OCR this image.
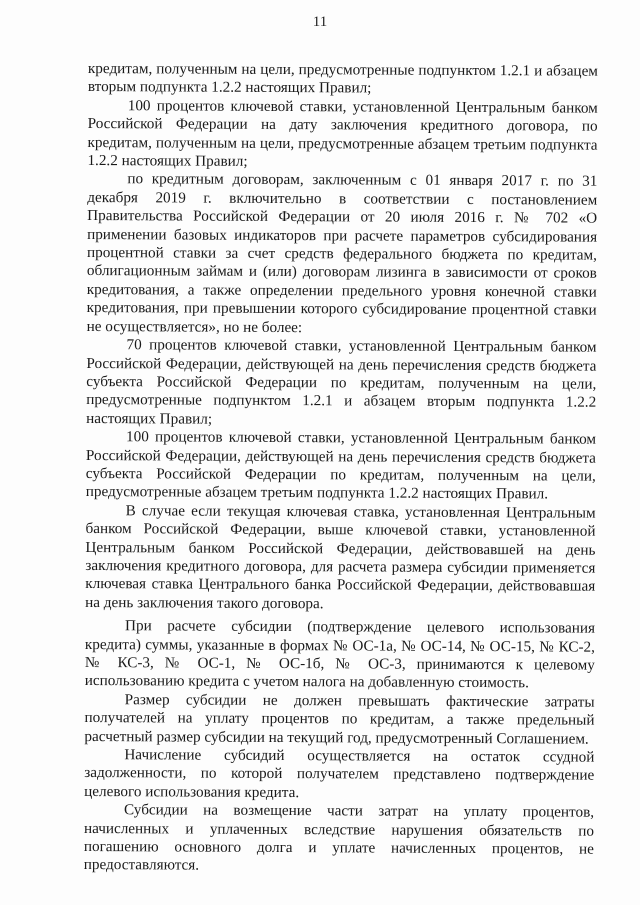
11

кредитам, полученным на цели, предусмотренные подпунктом 1.2.1 и абзацем вторым подпункта 1.2.2 настоящих Правил;

100 процентов ключевой ставки, установленной Центральным банком Российской Федерации на дату заключения кредитного договора, по кредитам, полученным на цели, предусмотренные абзацем третьим подпункта 1.2.2 настоящих Правил;

по кредитным договорам, заключенным с 01 января 2017 г. по 31 декабря 2019 г. включительно в соответствии с постановлением Правительства Российской Федерации от 20 июля 2016 г. № 702 «О применении базовых индикаторов при расчете параметров субсидирования процентной ставки за счет средств федерального бюджета по кредитам, облигационным займам и (или) договорам лизинга в зависимости от сроков кредитования, а также определении предельного уровня конечной ставки кредитования, при превышении которого субсидирование процентной ставки не осуществляется», но не более:

70 процентов ключевой ставки, установленной Центральным банком Российской Федерации, действующей на день перечисления средств бюджета субъекта Российской Федерации по кредитам, полученным на цели, предусмотренные подпунктом 1.2.1 и абзацем вторым подпункта 1.2.2 настоящих Правил;

100 процентов ключевой ставки, установленной Центральным банком Российской Федерации, действующей на день перечисления средств бюджета субъекта Российской Федерации по кредитам, полученным на цели, предусмотренные абзацем третьим подпункта 1.2.2 настоящих Правил.

В случае если текущая ключевая ставка, установленная Центральным банком Российской Федерации, выше ключевой ставки, установленной Центральным банком Российской Федерации, действовавшей на день заключения кредитного договора, для расчета размера субсидии применяется ключевая ставка Центрального банка Российской Федерации, действовавшая на день заключения такого договора.

При расчете субсидии (подтверждение целевого использования кредита) суммы, указанные в формах № ОС-1а, № ОС-14, № ОС-15, № КС-2, № КС-3, № ОС-1, № ОС-1б, № ОС-3, принимаются к целевому использованию кредита с учетом налога на добавленную стоимость.

Размер субсидии не должен превышать фактические затраты получателей на уплату процентов по кредитам, а также предельный расчетный размер субсидии на текущий год, предусмотренный Соглашением.

Начисление субсидий осуществляется на остаток ссудной задолженности, по которой получателем представлено подтверждение целевого использования кредита.

Субсидии на возмещение части затрат на уплату процентов, начисленных и уплаченных вследствие нарушения обязательств по погашению основного долга и уплате начисленных процентов, не предоставляются.
